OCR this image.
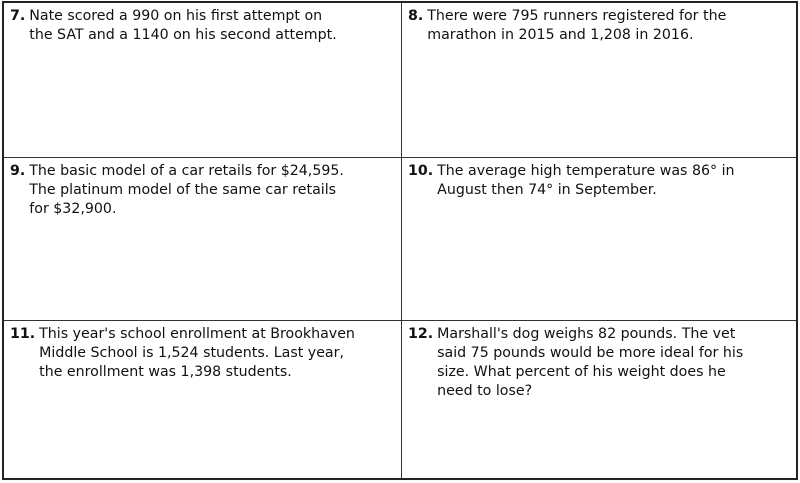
7. Nate scored a 990 on his first attempt on
the SAT and a 1140 on his second attempt.
8. There were 795 runners registered for the
marathon in 2015 and 1,208 in 2016.
9. The basic model of a car retails for $24,595.
The platinum model of the same car retails
for $32,900.
10. The average high temperature was 86° in
August then 74° in September.
11. This year's school enrollment at Brookhaven
Middle School is 1,524 students. Last year,
the enrollment was 1,398 students.
12. Marshall's dog weighs 82 pounds. The vet
said 75 pounds would be more ideal for his
size. What percent of his weight does he
need to lose?
